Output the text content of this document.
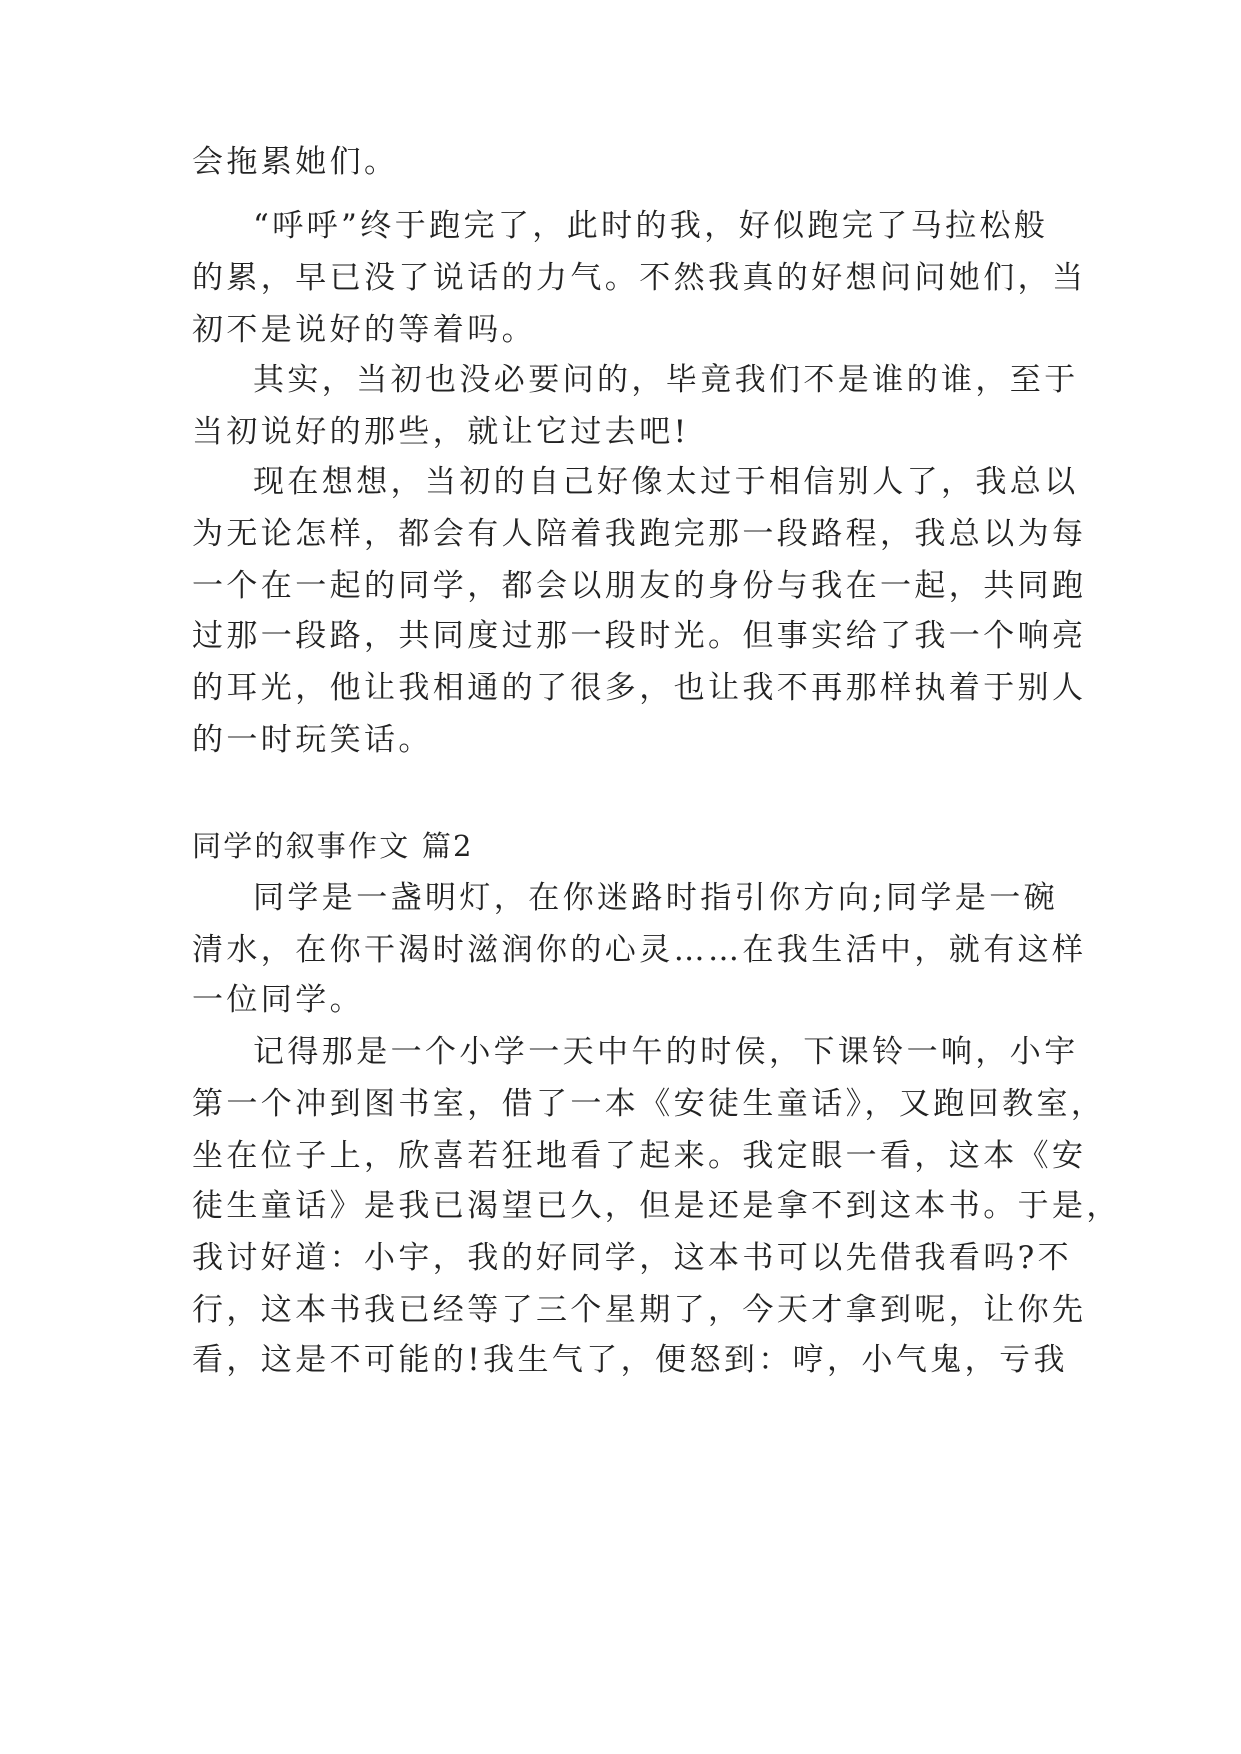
会拖累她们。
“呼呼”终于跑完了，此时的我，好似跑完了马拉松般
的累，早已没了说话的力气。不然我真的好想问问她们，当
初不是说好的等着吗。
其实，当初也没必要问的，毕竟我们不是谁的谁，至于
当初说好的那些，就让它过去吧!
现在想想，当初的自己好像太过于相信别人了，我总以
为无论怎样，都会有人陪着我跑完那一段路程，我总以为每
一个在一起的同学，都会以朋友的身份与我在一起，共同跑
过那一段路，共同度过那一段时光。但事实给了我一个响亮
的耳光，他让我相通的了很多，也让我不再那样执着于别人
的一时玩笑话。
同学的叙事作文 篇2
同学是一盏明灯，在你迷路时指引你方向;同学是一碗
清水，在你干渴时滋润你的心灵……在我生活中，就有这样
一位同学。
记得那是一个小学一天中午的时侯，下课铃一响，小宇
第一个冲到图书室，借了一本《安徒生童话》，又跑回教室，
坐在位子上，欣喜若狂地看了起来。我定眼一看，这本《安
徒生童话》是我已渴望已久，但是还是拿不到这本书。于是，
我讨好道：小宇，我的好同学，这本书可以先借我看吗?不
行，这本书我已经等了三个星期了，今天才拿到呢，让你先
看，这是不可能的!我生气了，便怒到：哼，小气鬼，亏我
